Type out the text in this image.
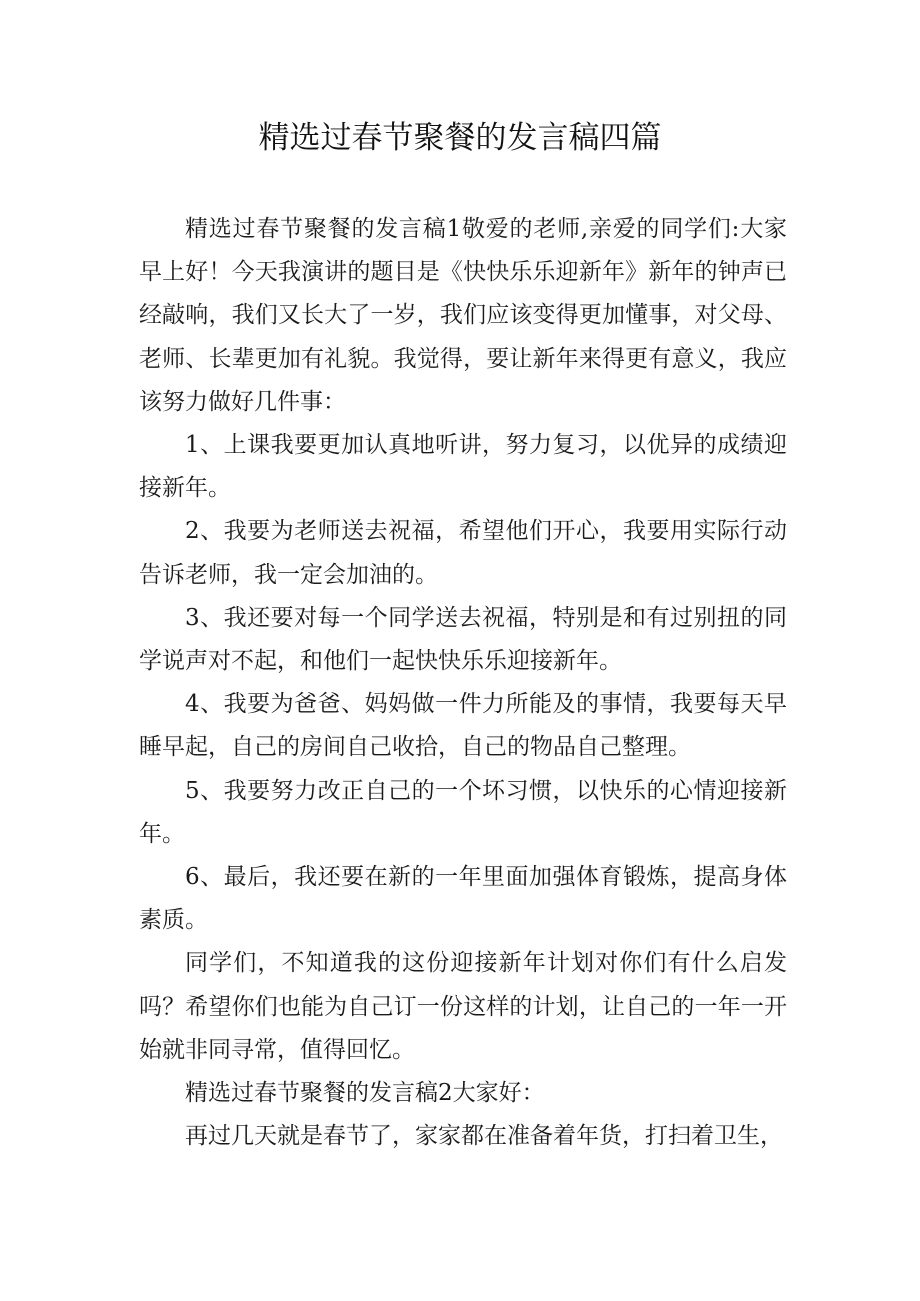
精选过春节聚餐的发言稿四篇

精选过春节聚餐的发言稿1敬爱的老师,亲爱的同学们:大家早上好！今天我演讲的题目是《快快乐乐迎新年》新年的钟声已经敲响，我们又长大了一岁，我们应该变得更加懂事，对父母、老师、长辈更加有礼貌。我觉得，要让新年来得更有意义，我应该努力做好几件事：

1、上课我要更加认真地听讲，努力复习，以优异的成绩迎接新年。

2、我要为老师送去祝福，希望他们开心，我要用实际行动告诉老师，我一定会加油的。

3、我还要对每一个同学送去祝福，特别是和有过别扭的同学说声对不起，和他们一起快快乐乐迎接新年。

4、我要为爸爸、妈妈做一件力所能及的事情，我要每天早睡早起，自己的房间自己收拾，自己的物品自己整理。

5、我要努力改正自己的一个坏习惯，以快乐的心情迎接新年。

6、最后，我还要在新的一年里面加强体育锻炼，提高身体素质。

同学们，不知道我的这份迎接新年计划对你们有什么启发吗？希望你们也能为自己订一份这样的计划，让自己的一年一开始就非同寻常，值得回忆。

精选过春节聚餐的发言稿2大家好：

再过几天就是春节了，家家都在准备着年货，打扫着卫生，
